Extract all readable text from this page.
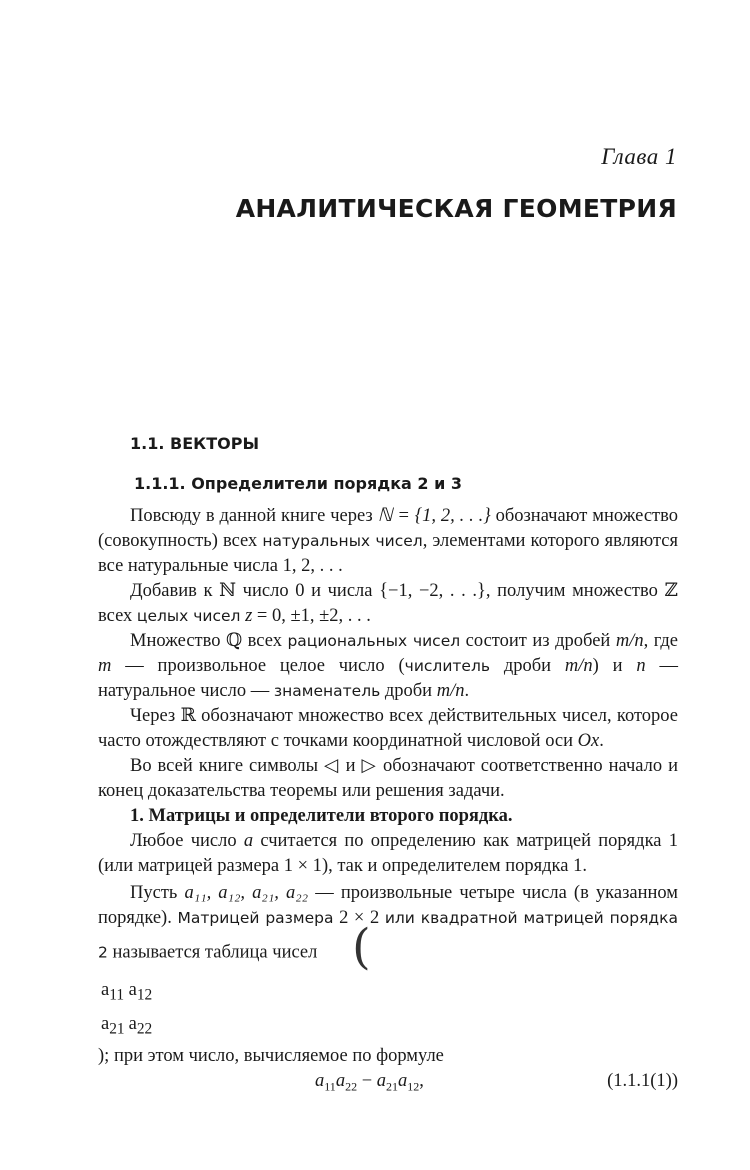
Глава 1
АНАЛИТИЧЕСКАЯ ГЕОМЕТРИЯ
1.1. ВЕКТОРЫ
1.1.1. Определители порядка 2 и 3

Повсюду в данной книге через ℕ = {1, 2, . . .} обозначают множество (совокупность) всех натуральных чисел, элементами которого являются все натуральные числа 1, 2, . . .

Добавив к ℕ число 0 и числа {−1, −2, . . .}, получим множество ℤ всех целых чисел z = 0, ±1, ±2, . . .

Множество ℚ всех рациональных чисел состоит из дробей m/n, где m — произвольное целое число (числитель дроби m/n) и n — натуральное число — знаменатель дроби m/n.

Через ℝ обозначают множество всех действительных чисел, которое часто отождествляют с точками координатной числовой оси Ox.

Во всей книге символы ◁ и ▷ обозначают соответственно начало и конец доказательства теоремы или решения задачи.

1. Матрицы и определители второго порядка.

Любое число a считается по определению как матрицей порядка 1 (или матрицей размера 1 × 1), так и определителем порядка 1.

Пусть a₁₁, a₁₂, a₂₁, a₂₂ — произвольные четыре числа (в указанном порядке). Матрицей размера 2 × 2 или квадратной матрицей порядка 2 называется таблица чисел (

$a_{11}$	$a_{12}$
$a_{21}$	$a_{22}$
); при этом число, вычисляемое по формуле

$a_{11}a_{22} - a_{21}a_{12}$,	(1.1.1(1))
